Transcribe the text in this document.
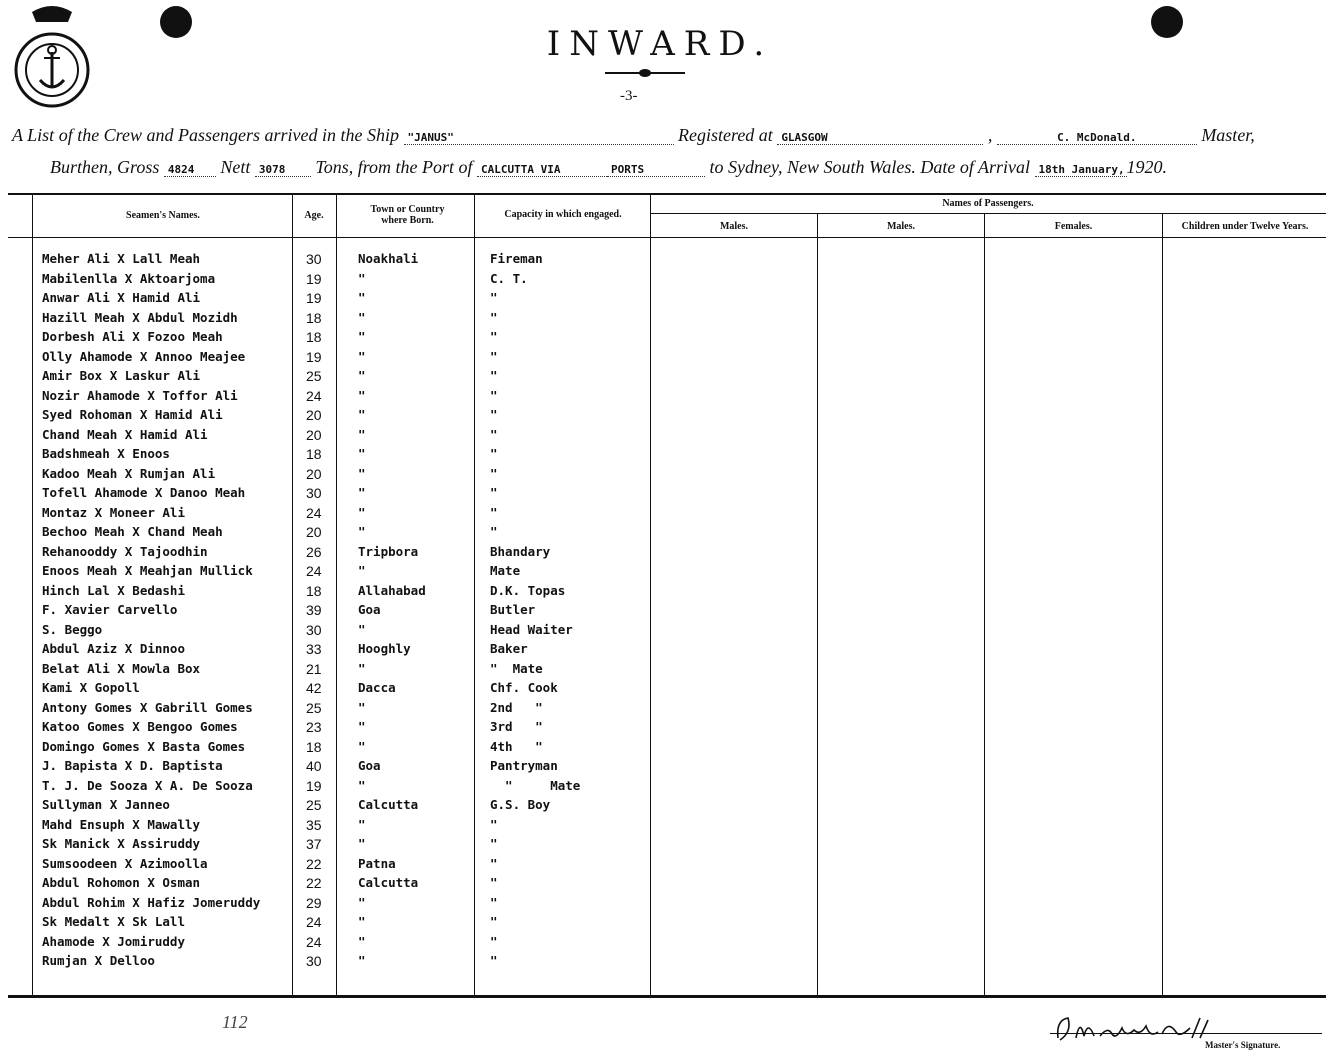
INWARD.
-3-
A List of the Crew and Passengers arrived in the Ship "JANUS"	Registered at GLASGOW	,	C. McDonald.	Master,
Burthen, Gross 4824 Nett 3078 Tons, from the Port of CALCUTTA VIA	PORTS	to Sydney, New South Wales. Date of Arrival 18th January, 1920.
Seamen's Names.	Age.
Town or Country where Born.
Capacity in which engaged.
Names of Passengers.
Males.	Males.	Females.	Children under Twelve Years.
Meher Ali X Lall Meah	30	Noakhali	Fireman
Mabilenlla X Aktoarjoma	19	"	C. T.
Anwar Ali X Hamid Ali	19	"	"
Hazill Meah X Abdul Mozidh	18	"	"
Dorbesh Ali X Fozoo Meah	18	"	"
Olly Ahamode X Annoo Meajee	19	"	"
Amir Box X Laskur Ali	25	"	"
Nozir Ahamode X Toffor Ali	24	"	"
Syed Rohoman X Hamid Ali	20	"	"
Chand Meah X Hamid Ali	20	"	"
Badshmeah X Enoos	18	"	"
Kadoo Meah X Rumjan Ali	20	"	"
Tofell Ahamode X Danoo Meah	30	"	"
Montaz X Moneer Ali	24	"	"
Bechoo Meah X Chand Meah	20	"	"
Rehanooddy X Tajoodhin	26	Tripbora	Bhandary
Enoos Meah X Meahjan Mullick	24	"	Mate
Hinch Lal X Bedashi	18	Allahabad	D.K. Topas
F. Xavier Carvello	39	Goa	Butler
S. Beggo	30	"	Head Waiter
Abdul Aziz X Dinnoo	33	Hooghly	Baker
Belat Ali X Mowla Box	21	"	"  Mate
Kami X Gopoll	42	Dacca	Chf. Cook
Antony Gomes X Gabrill Gomes	25	"	2nd   "
Katoo Gomes X Bengoo Gomes	23	"	3rd   "
Domingo Gomes X Basta Gomes	18	"	4th   "
J. Bapista X D. Baptista	40	Goa	Pantryman
T. J. De Sooza X A. De Sooza	19	"	"     Mate
Sullyman X Janneo	25	Calcutta	G.S. Boy
Mahd Ensuph X Mawally	35	"	"
Sk Manick X Assiruddy	37	"	"
Sumsoodeen X Azimoolla	22	Patna	"
Abdul Rohomon X Osman	22	Calcutta	"
Abdul Rohim X Hafiz Jomeruddy	29	"	"
Sk Medalt X Sk Lall	24	"	"
Ahamode X Jomiruddy	24	"	"
Rumjan X Delloo	30	"	"
112
Master's Signature.
